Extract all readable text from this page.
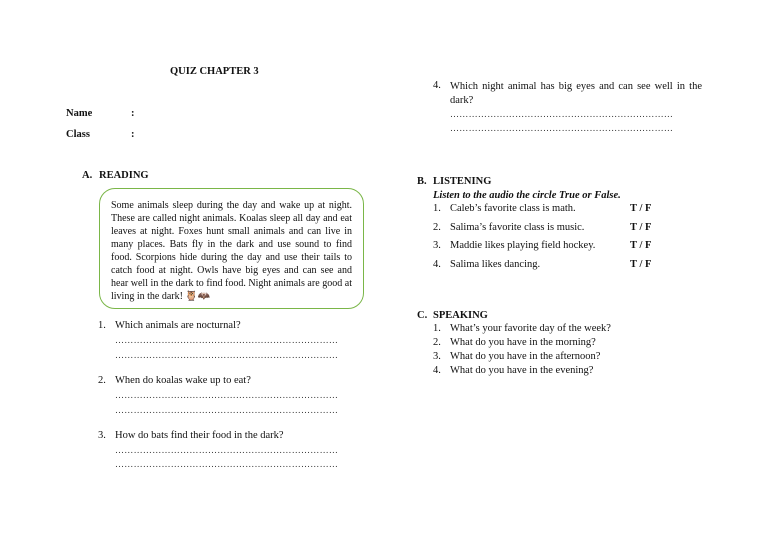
QUIZ CHAPTER 3
Name	:
Class	:
A. READING
Some animals sleep during the day and wake up at night. These are called night animals. Koalas sleep all day and eat leaves at night. Foxes hunt small animals and can live in many places. Bats fly in the dark and use sound to find food. Scorpions hide during the day and use their tails to catch food at night. Owls have big eyes and can see and hear well in the dark to find food. Night animals are good at living in the dark! 🦉🦇
1. Which animals are nocturnal?
………………………………………………………………
………………………………………………………………
2. When do koalas wake up to eat?
………………………………………………………………
………………………………………………………………
3. How do bats find their food in the dark?
………………………………………………………………
………………………………………………………………
4. Which night animal has big eyes and can see well in the dark?
………………………………………………………………
………………………………………………………………
B. LISTENING
Listen to the audio the circle True or False.
1. Caleb’s favorite class is math.	T / F
2. Salima’s favorite class is music.	T / F
3. Maddie likes playing field hockey.	T / F
4. Salima likes dancing.	T / F
C. SPEAKING
1. What’s your favorite day of the week?
2. What do you have in the morning?
3. What do you have in the afternoon?
4. What do you have in the evening?
